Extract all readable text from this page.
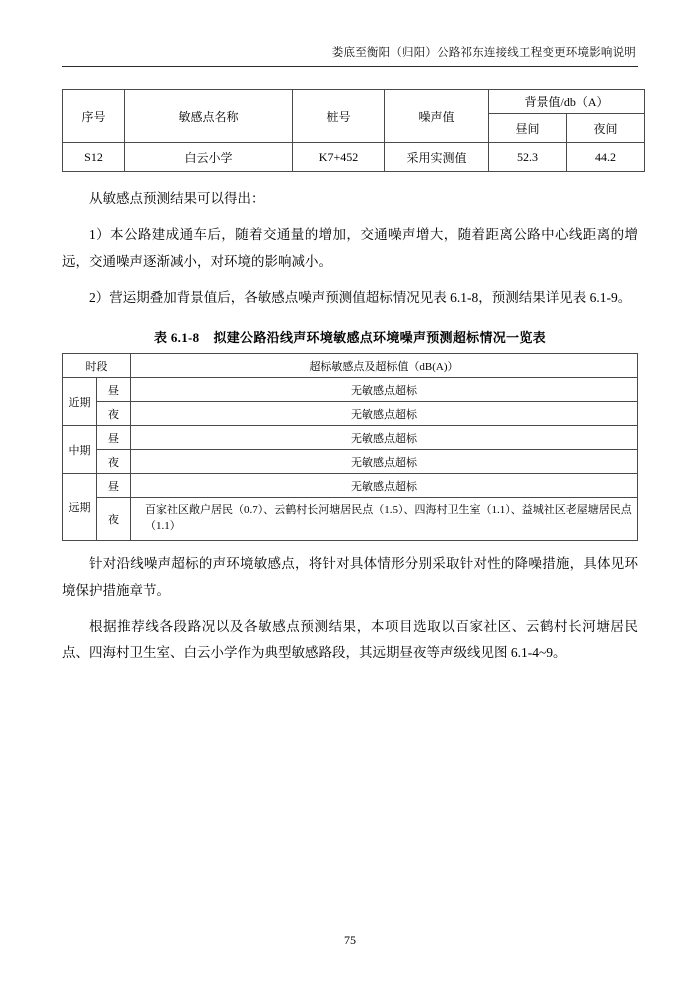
娄底至衡阳（归阳）公路祁东连接线工程变更环境影响说明
序号	敏感点名称	桩号	噪声值	背景值/db（A）	
				昼间	夜间
S12	白云小学	K7+452	采用实测值	52.3	44.2

从敏感点预测结果可以得出：

1）本公路建成通车后，随着交通量的增加，交通噪声增大，随着距离公路中心线距离的增远，交通噪声逐渐减小，对环境的影响减小。

2）营运期叠加背景值后，各敏感点噪声预测值超标情况见表 6.1-8，预测结果详见表 6.1-9。

表 6.1-8 拟建公路沿线声环境敏感点环境噪声预测超标情况一览表
时段		超标敏感点及超标值（dB(A)）
近期	昼	无敏感点超标
	夜	无敏感点超标
中期	昼	无敏感点超标
	夜	无敏感点超标
远期	昼	无敏感点超标
	夜	百家社区敞户居民（0.7）、云鹤村长河塘居民点（1.5）、四海村卫生室（1.1）、益城社区老屋塘居民点（1.1）

针对沿线噪声超标的声环境敏感点，将针对具体情形分别采取针对性的降噪措施，具体见环境保护措施章节。

根据推荐线各段路况以及各敏感点预测结果，本项目选取以百家社区、云鹤村长河塘居民点、四海村卫生室、白云小学作为典型敏感路段，其远期昼夜等声级线见图 6.1-4~9。

75
